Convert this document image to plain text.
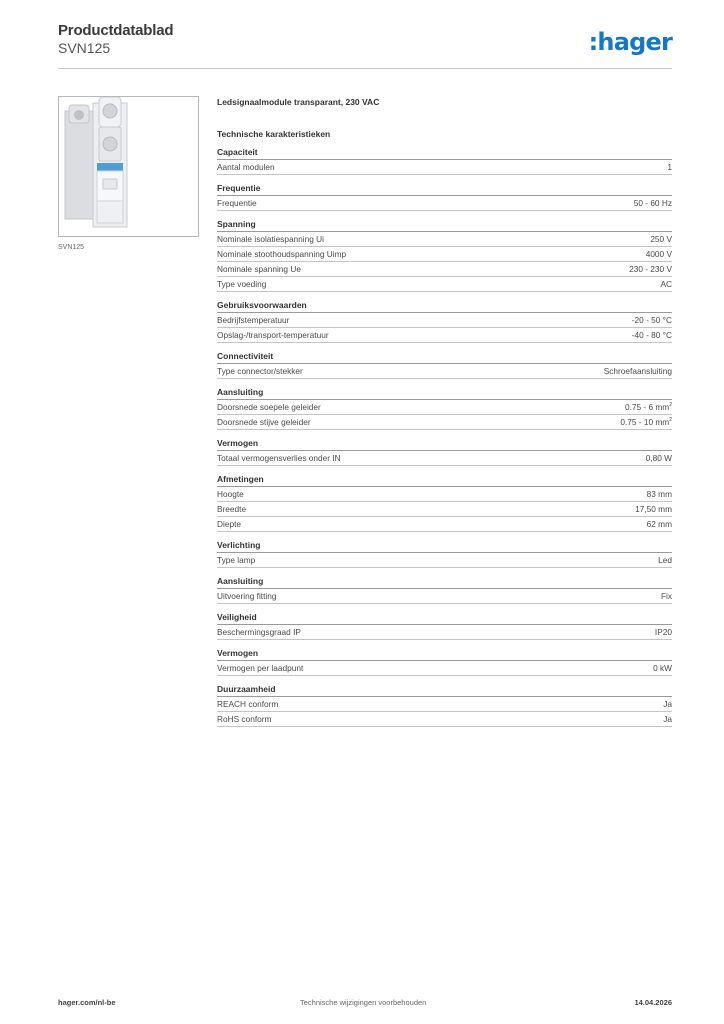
Productdatablad
SVN125	:hager
SVN125
Ledsignaalmodule transparant, 230 VAC
Technische karakteristieken
Capaciteit
Aantal modulen	1
Frequentie
Frequentie	50 - 60 Hz
Spanning
Nominale isolatiespanning Ui	250 V
Nominale stoothoudspanning Uimp	4000 V
Nominale spanning Ue	230 - 230 V
Type voeding	AC
Gebruiksvoorwaarden
Bedrijfstemperatuur	-20 - 50 °C
Opslag-/transport-temperatuur	-40 - 80 °C
Connectiviteit
Type connector/stekker	Schroefaansluiting
Aansluiting
Doorsnede soepele geleider	0.75 - 6 $mm^2$
Doorsnede stijve geleider	0.75 - 10 $mm^2$
Vermogen
Totaal vermogensverlies onder IN	0,80 W
Afmetingen
Hoogte	83 mm
Breedte	17,50 mm
Diepte	62 mm
Verlichting
Type lamp	Led
Aansluiting
Uitvoering fitting	Fix
Veiligheid
Beschermingsgraad IP	IP20
Vermogen
Vermogen per laadpunt	0 kW
Duurzaamheid
REACH conform	Ja
RoHS conform	Ja
hager.com/nl-be	Technische wijzigingen voorbehouden	14.04.2026
